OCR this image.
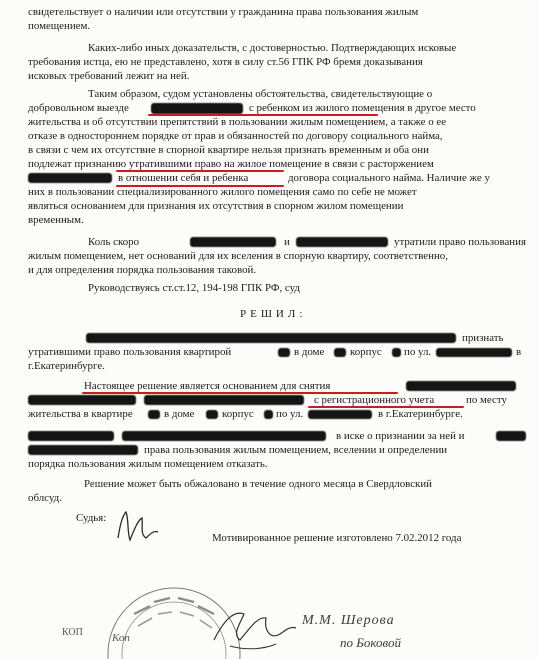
свидетельствует о наличии или отсутствии у гражданина права пользования жилым
помещением.
Каких-либо иных доказательств, с достоверностью. Подтверждающих исковые
требования истца, ею не представлено, хотя в силу ст.56 ГПК РФ бремя доказывания
исковых требований лежит на ней.
Таким образом, судом установлены обстоятельства, свидетельствующие о
добровольном выезде	с ребенком из жилого помещения в другое место
жительства и об отсутствии препятствий в пользовании жилым помещением, а также о ее
отказе в одностороннем порядке от прав и обязанностей по договору социального найма,
в связи с чем их отсутствие в спорной квартире нельзя признать временным и оба они
подлежат признанию утратившими право на жилое помещение в связи с расторжением
в отношении себя и ребенка	договора социального найма. Наличие же у
них в пользовании специализированного жилого помещения само по себе не может
являться основанием для признания их отсутствия в спорном жилом помещении
временным.
Коль скоро	и	утратили право пользования
жилым помещением, нет оснований для их вселения в спорную квартиру, соответственно,
и для определения порядка пользования таковой.
Руководствуясь ст.ст.12, 194-198 ГПК РФ, суд
РЕШИЛ:
признать
утратившими право пользования квартирой	в доме корпус по ул.	в
г.Екатеринбурге.
Настоящее решение является основанием для снятия
с регистрационного учета	по месту
жительства в квартире	в доме	корпус по ул.	в г.Екатеринбурге.
в иске о признании за ней и
права пользования жилым помещением, вселении и определении
порядка пользования жилым помещением отказать.
Решение может быть обжаловано в течение одного месяца в Свердловский
облсуд.
Судья:
Мотивированное решение изготовлено 7.02.2012 года
КОП	Коп
М.М. Шерова
по Боковой
